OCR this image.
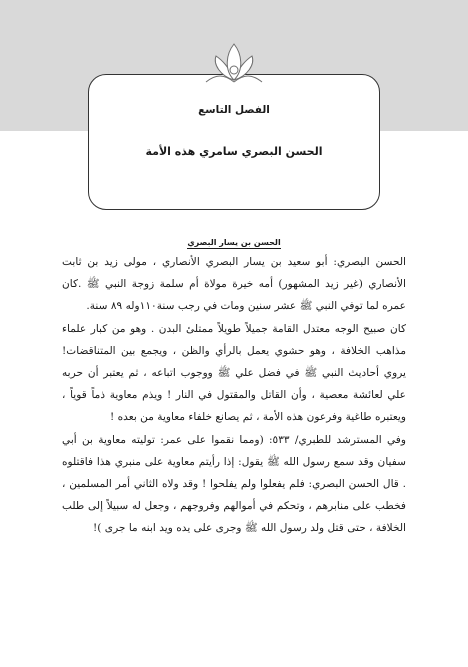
الفصل التاسع
الحسن البصري سامري هذه الأمة
الحسن بن يسار البصري

الحسن البصري: أبو سعيد بن يسار البصري الأنصاري ، مولى زيد بن ثابت الأنصاري (غير زيد المشهور) أمه خيرة مولاة أم سلمة زوجة النبي ﷺ .كان عمره لما توفي النبي ﷺ عشر سنين ومات في رجب سنة١١٠وله ٨٩ سنة.

كان صبيح الوجه معتدل القامة جميلاً طويلاً ممتلئ البدن . وهو من كبار علماء مذاهب الخلافة ، وهو حشوي يعمل بالرأي والظن ، ويجمع بين المتناقضات! يروي أحاديث النبي ﷺ في فضل علي ﷺ ووجوب اتباعه ، ثم يعتبر أن حربه علي لعائشة معصية ، وأن القاتل والمقتول في النار ! ويذم معاوية ذماً قوياً ، ويعتبره طاغية وفرعون هذه الأمة ، ثم يصانع خلفاء معاوية من بعده !

وفي المسترشد للطبري/ ٥٣٣: (ومما نقموا على عمر: توليته معاوية بن أبي سفيان وقد سمع رسول الله ﷺ يقول: إذا رأيتم معاوية على منبري هذا فاقتلوه . قال الحسن البصري: فلم يفعلوا ولم يفلحوا ! وقد ولاه الثاني أمر المسلمين ، فخطب على منابرهم ، وتحكم في أموالهم وفروجهم ، وجعل له سبيلاً إلى طلب الخلافة ، حتى قتل ولد رسول الله ﷺ وجرى على يده ويد ابنه ما جرى )!
